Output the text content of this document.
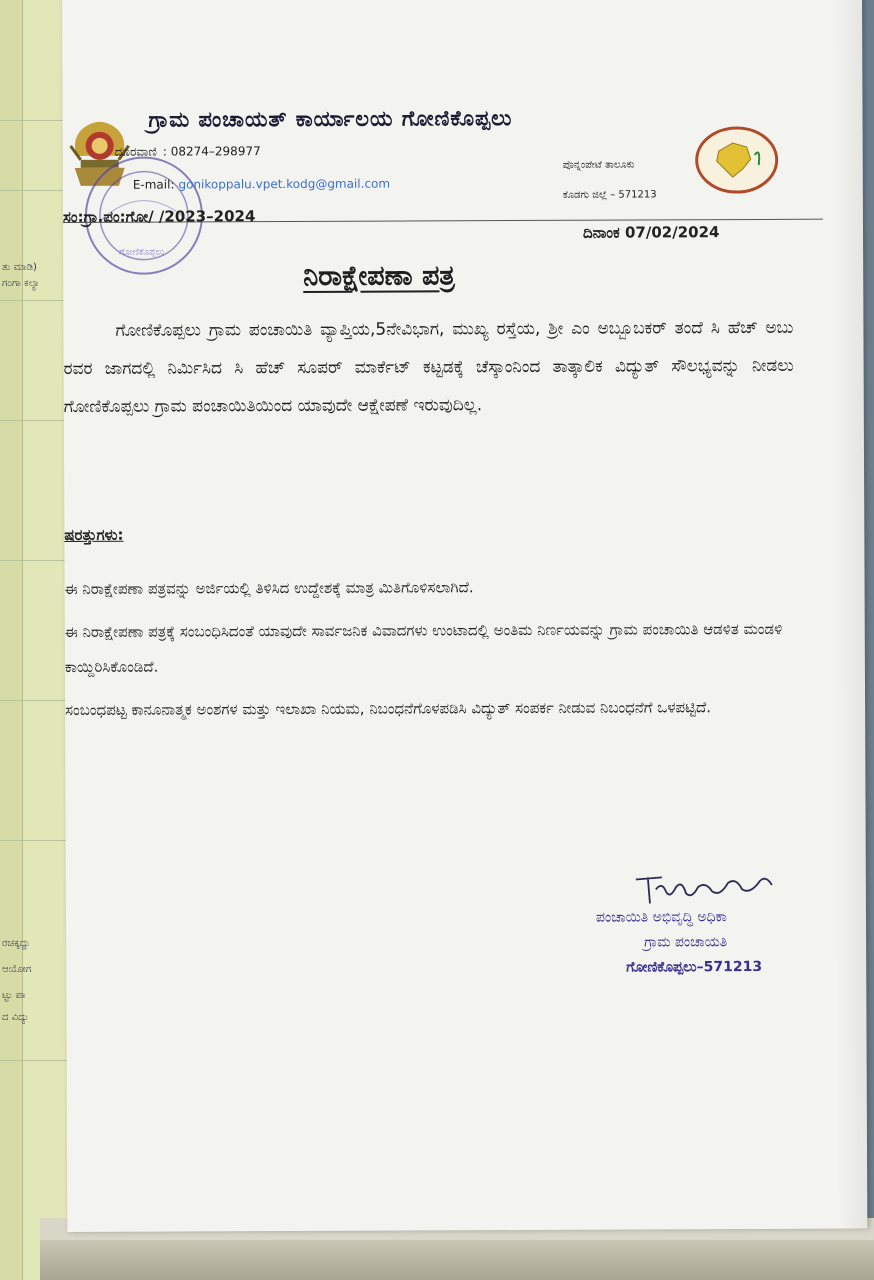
ತು ಮಾಡಿ)
ಗಂಗಾ ಕಲ್ಯಾ
ರಚಕ್ಕದ್ದು
ಆಯೋಗ
ಟ್ಟು ಪಾ
ದ ವಿದ್ಯು
ಗೋಣಿಕೊಪ್ಪಲು
ಗ್ರಾಮ ಪಂಚಾಯತ್ ಕಾರ್ಯಾಲಯ ಗೋಣಿಕೊಪ್ಪಲು
ದೂರವಾಣಿ : 08274–298977
E-mail: gonikoppalu.vpet.kodg@gmail.com
ಪೊನ್ನಂಪೇಟೆ ತಾಲೂಕು
ಕೊಡಗು ಜಿಲ್ಲೆ – 571213
ಸಂ:ಗ್ರಾ.ಪಂ:ಗೋ/ /2023–2024
ದಿನಾಂಕ 07/02/2024
ನಿರಾಕ್ಷೇಪಣಾ ಪತ್ರ
ಗೋಣಿಕೊಪ್ಪಲು ಗ್ರಾಮ ಪಂಚಾಯಿತಿ ವ್ಯಾಪ್ತಿಯ,5ನೇವಿಭಾಗ, ಮುಖ್ಯ ರಸ್ತೆಯ, ಶ್ರೀ ಎಂ ಅಬ್ಬೂಬಕರ್ ತಂದೆ ಸಿ ಹೆಚ್ ಅಬು ರವರ ಜಾಗದಲ್ಲಿ ನಿರ್ಮಿಸಿದ ಸಿ ಹೆಚ್ ಸೂಪರ್ ಮಾರ್ಕೆಟ್ ಕಟ್ಟಡಕ್ಕೆ ಚೆಸ್ಕಾಂನಿಂದ ತಾತ್ಕಾಲಿಕ ವಿದ್ಯುತ್ ಸೌಲಭ್ಯವನ್ನು ನೀಡಲು ಗೋಣಿಕೊಪ್ಪಲು ಗ್ರಾಮ ಪಂಚಾಯಿತಿಯಿಂದ ಯಾವುದೇ ಆಕ್ಷೇಪಣೆ ಇರುವುದಿಲ್ಲ.
ಷರತ್ತುಗಳು:

ಈ ನಿರಾಕ್ಷೇಪಣಾ ಪತ್ರವನ್ನು ಅರ್ಜಿಯಲ್ಲಿ ತಿಳಿಸಿದ ಉದ್ದೇಶಕ್ಕೆ ಮಾತ್ರ ಮಿತಿಗೊಳಿಸಲಾಗಿದೆ.

ಈ ನಿರಾಕ್ಷೇಪಣಾ ಪತ್ರಕ್ಕೆ ಸಂಬಂಧಿಸಿದಂತೆ ಯಾವುದೇ ಸಾರ್ವಜನಿಕ ವಿವಾದಗಳು ಉಂಟಾದಲ್ಲಿ ಅಂತಿಮ ನಿರ್ಣಯವನ್ನು ಗ್ರಾಮ ಪಂಚಾಯಿತಿ ಆಡಳಿತ ಮಂಡಳಿ ಕಾಯ್ದಿರಿಸಿಕೊಂಡಿದೆ.

ಸಂಬಂಧಪಟ್ಟ ಕಾನೂನಾತ್ಮಕ ಅಂಶಗಳ ಮತ್ತು ಇಲಾಖಾ ನಿಯಮ, ನಿಬಂಧನೆಗೊಳಪಡಿಸಿ ವಿದ್ಯುತ್ ಸಂಪರ್ಕ ನೀಡುವ ನಿಬಂಧನೆಗೆ ಒಳಪಟ್ಟಿದೆ.

ಪಂಚಾಯಿತಿ ಅಭಿವೃದ್ಧಿ ಅಧಿಕಾ
ಗ್ರಾಮ ಪಂಚಾಯತಿ
ಗೋಣಿಕೊಪ್ಪಲು–571213
